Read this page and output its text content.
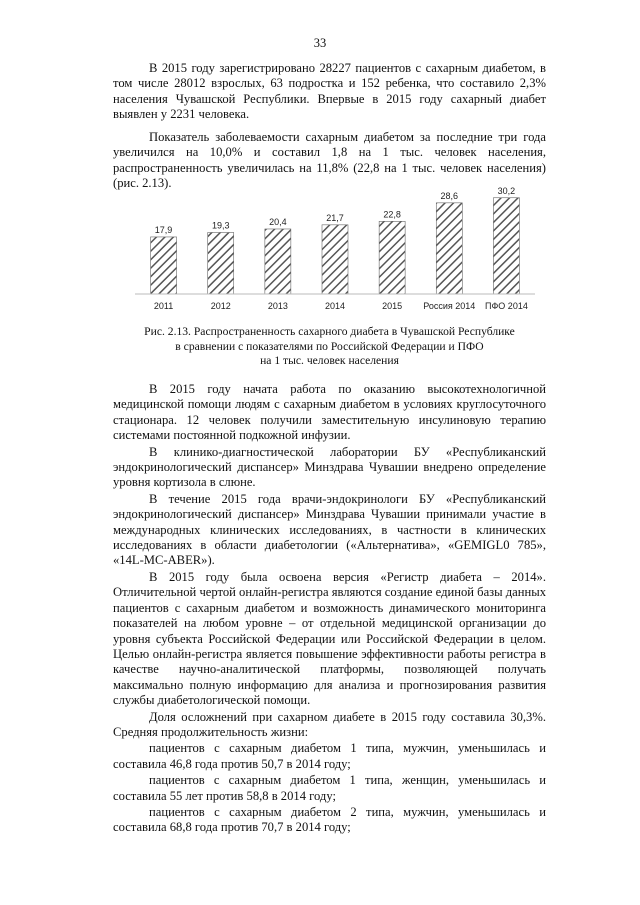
33

В 2015 году зарегистрировано 28227 пациентов с сахарным диабетом, в том числе 28012 взрослых, 63 подростка и 152 ребенка, что составило 2,3% населения Чувашской Республики. Впервые в 2015 году сахарный диабет выявлен у 2231 человека.

Показатель заболеваемости сахарным диабетом за последние три года увеличился на 10,0% и составил 1,8 на 1 тыс. человек населения, распространенность увеличилась на 11,8% (22,8 на 1 тыс. человек населения) (рис. 2.13).

17,9
2011
19,3
2012
20,4
2013
21,7
2014
22,8
2015
28,6
Россия 2014
30,2
ПФО 2014
Рис. 2.13. Распространенность сахарного диабета в Чувашской Республике
в сравнении с показателями по Российской Федерации и ПФО
на 1 тыс. человек населения

В 2015 году начата работа по оказанию высокотехнологичной медицинской помощи людям с сахарным диабетом в условиях круглосуточного стационара. 12 человек получили заместительную инсулиновую терапию системами постоянной подкожной инфузии.

В клинико-диагностической лаборатории БУ «Республиканский эндокринологический диспансер» Минздрава Чувашии внедрено определение уровня кортизола в слюне.

В течение 2015 года врачи-эндокринологи БУ «Республиканский эндокринологический диспансер» Минздрава Чувашии принимали участие в международных клинических исследованиях, в частности в клинических исследованиях в области диабетологии («Альтернатива», «GEMIGL0 785», «14L-MC-ABER»).

В 2015 году была освоена версия «Регистр диабета – 2014». Отличительной чертой онлайн-регистра являются создание единой базы данных пациентов с сахарным диабетом и возможность динамического мониторинга показателей на любом уровне – от отдельной медицинской организации до уровня субъекта Российской Федерации или Российской Федерации в целом. Целью онлайн-регистра является повышение эффективности работы регистра в качестве научно-аналитической платформы, позволяющей получать максимально полную информацию для анализа и прогнозирования развития службы диабетологической помощи.

Доля осложнений при сахарном диабете в 2015 году составила 30,3%. Средняя продолжительность жизни:

пациентов с сахарным диабетом 1 типа, мужчин, уменьшилась и составила 46,8 года против 50,7 в 2014 году;

пациентов с сахарным диабетом 1 типа, женщин, уменьшилась и составила 55 лет против 58,8 в 2014 году;

пациентов с сахарным диабетом 2 типа, мужчин, уменьшилась и составила 68,8 года против 70,7 в 2014 году;
